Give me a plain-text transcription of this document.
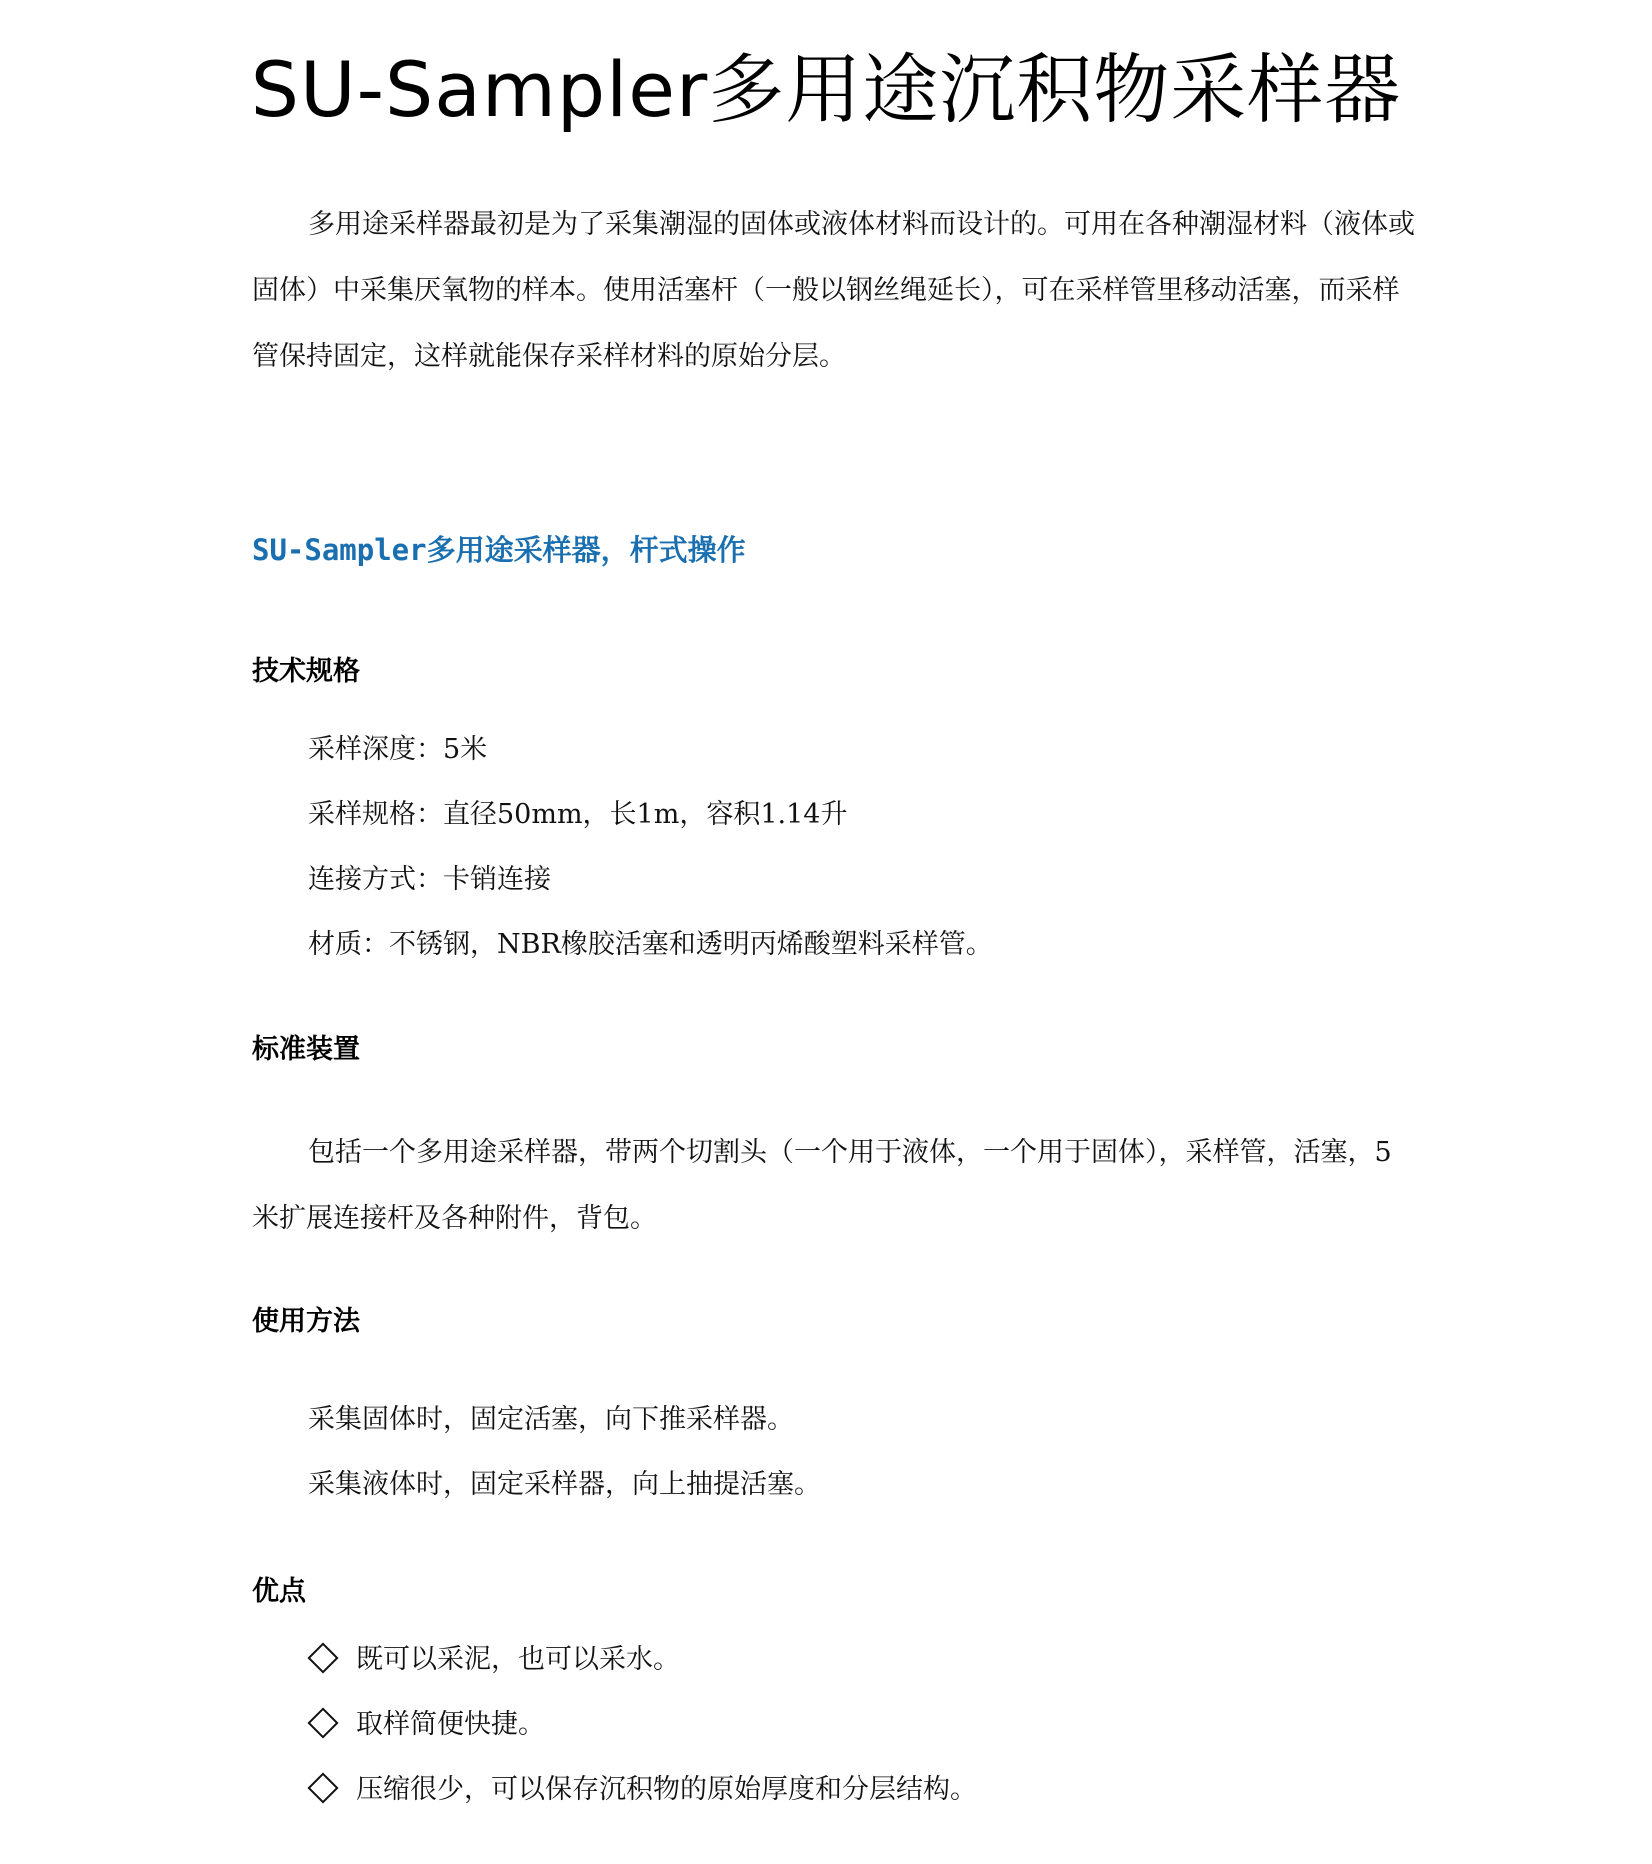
SU-Sampler多用途沉积物采样器
多用途采样器最初是为了采集潮湿的固体或液体材料而设计的。可用在各种潮湿材料（液体或固体）中采集厌氧物的样本。使用活塞杆（一般以钢丝绳延长），可在采样管里移动活塞，而采样管保持固定，这样就能保存采样材料的原始分层。
SU-Sampler多用途采样器，杆式操作
技术规格
采样深度：5米
采样规格：直径50mm，长1m，容积1.14升
连接方式：卡销连接
材质：不锈钢，NBR橡胶活塞和透明丙烯酸塑料采样管。
标准装置
包括一个多用途采样器，带两个切割头（一个用于液体，一个用于固体），采样管，活塞，5米扩展连接杆及各种附件，背包。
使用方法
采集固体时，固定活塞，向下推采样器。
采集液体时，固定采样器，向上抽提活塞。
优点
既可以采泥，也可以采水。
取样简便快捷。
压缩很少，可以保存沉积物的原始厚度和分层结构。
